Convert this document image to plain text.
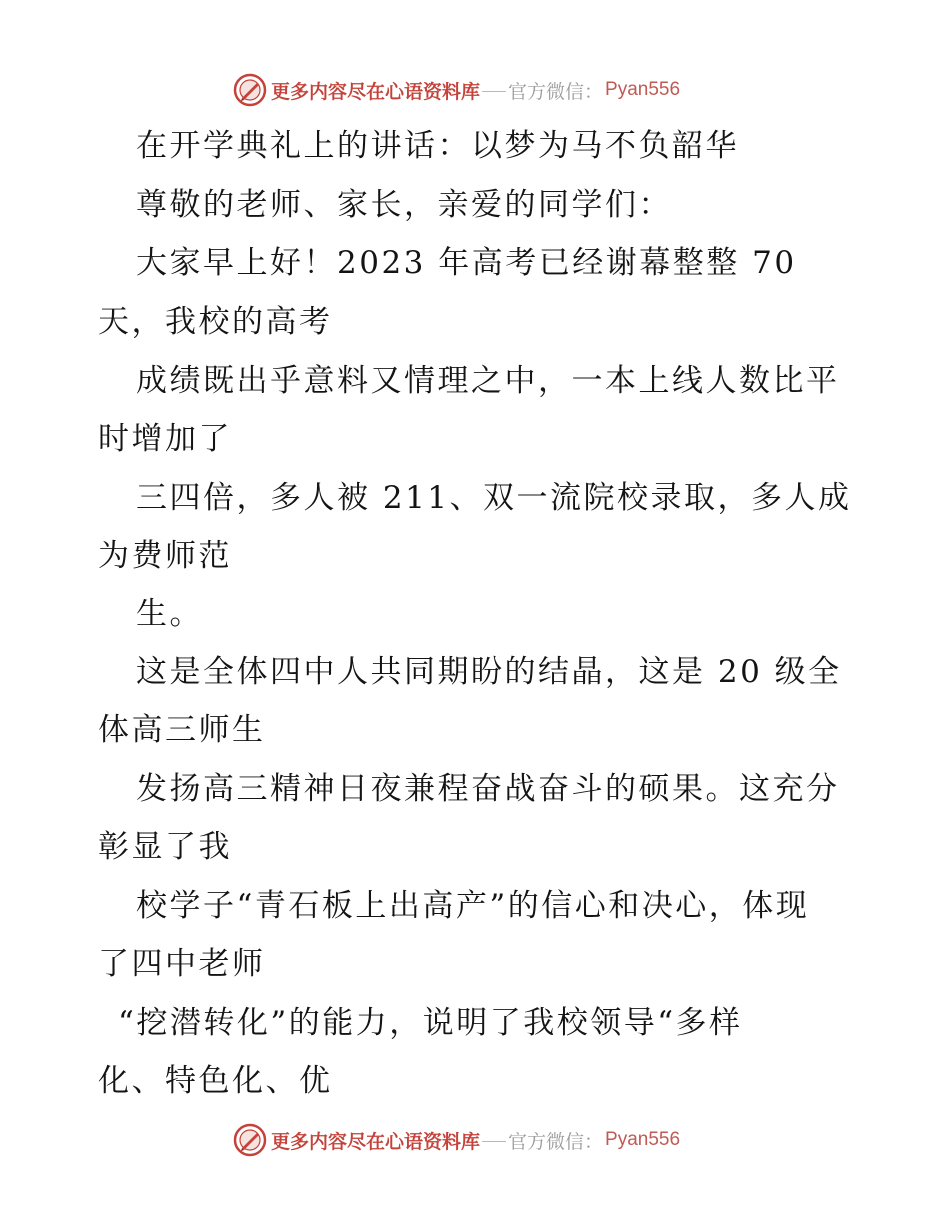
更多内容尽在心语资料库 官方微信： Pyan556
在开学典礼上的讲话：以梦为马不负韶华
尊敬的老师、家长，亲爱的同学们：
大家早上好！2023 年高考已经谢幕整整 70
天，我校的高考
成绩既出乎意料又情理之中，一本上线人数比平
时增加了
三四倍，多人被 211、双一流院校录取，多人成
为费师范
生。
这是全体四中人共同期盼的结晶，这是 20 级全
体高三师生
发扬高三精神日夜兼程奋战奋斗的硕果。这充分
彰显了我
校学子“青石板上出高产”的信心和决心，体现
了四中老师
“挖潜转化”的能力，说明了我校领导“多样
化、特色化、优
更多内容尽在心语资料库 官方微信： Pyan556
